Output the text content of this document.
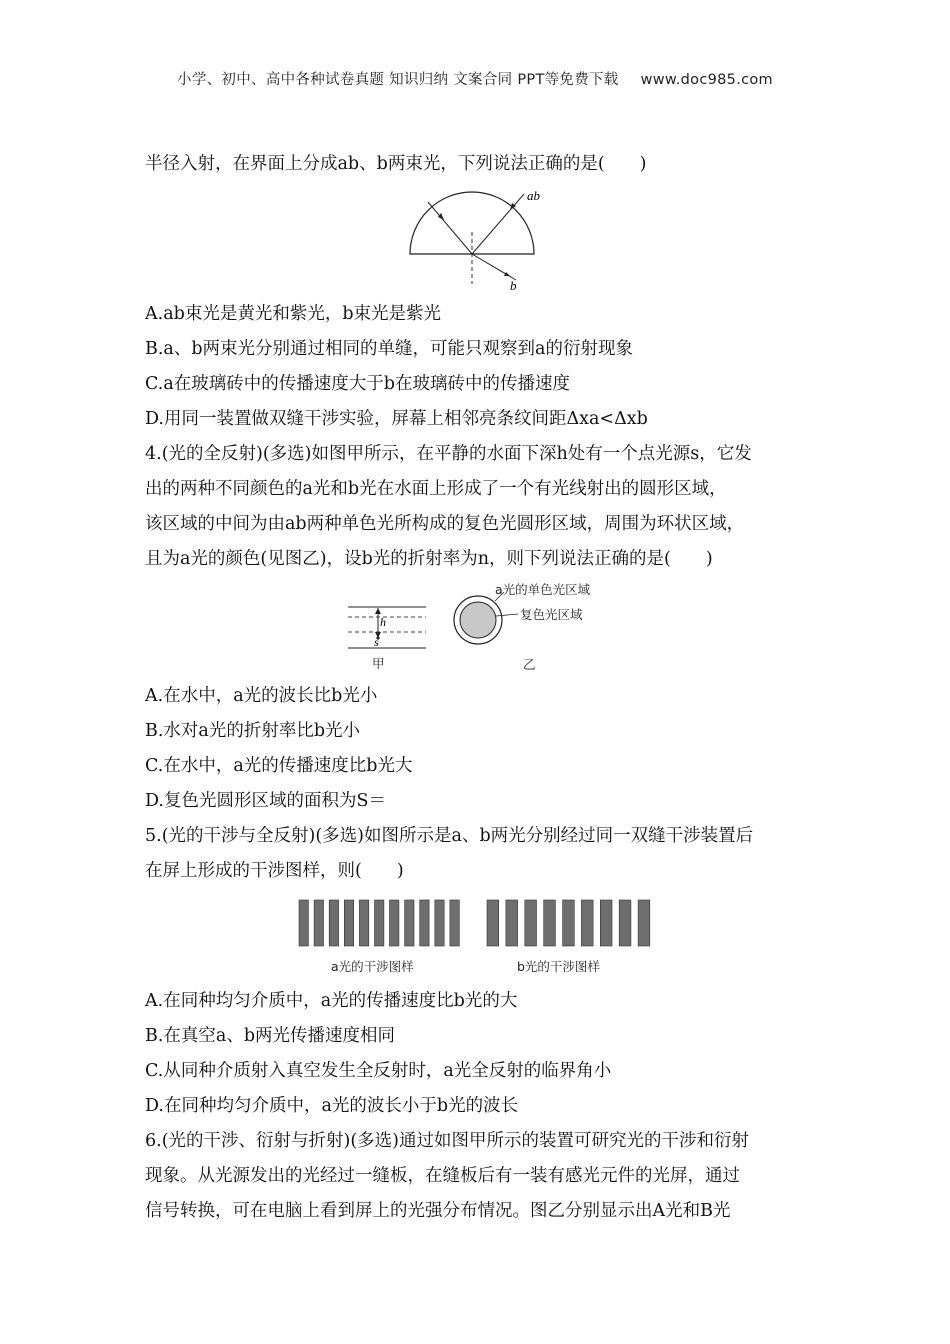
小学、初中、高中各种试卷真题 知识归纳 文案合同 PPT等免费下载 www.doc985.com
半径入射，在界面上分成ab、b两束光，下列说法正确的是(　　)
ab
b
A.ab束光是黄光和紫光，b束光是紫光
B.a、b两束光分别通过相同的单缝，可能只观察到a的衍射现象
C.a在玻璃砖中的传播速度大于b在玻璃砖中的传播速度
D.用同一装置做双缝干涉实验，屏幕上相邻亮条纹间距Δxa<Δxb
4.(光的全反射)(多选)如图甲所示，在平静的水面下深h处有一个点光源s，它发
出的两种不同颜色的a光和b光在水面上形成了一个有光线射出的圆形区域，
该区域的中间为由ab两种单色光所构成的复色光圆形区域，周围为环状区域，
且为a光的颜色(见图乙)，设b光的折射率为n，则下列说法正确的是(　　)
h
s
甲
a光的单色光区域
复色光区域
乙
A.在水中，a光的波长比b光小
B.水对a光的折射率比b光小
C.在水中，a光的传播速度比b光大
D.复色光圆形区域的面积为S＝
5.(光的干涉与全反射)(多选)如图所示是a、b两光分别经过同一双缝干涉装置后
在屏上形成的干涉图样，则(　　)
a光的干涉图样	b光的干涉图样
A.在同种均匀介质中，a光的传播速度比b光的大
B.在真空a、b两光传播速度相同
C.从同种介质射入真空发生全反射时，a光全反射的临界角小
D.在同种均匀介质中，a光的波长小于b光的波长
6.(光的干涉、衍射与折射)(多选)通过如图甲所示的装置可研究光的干涉和衍射
现象。从光源发出的光经过一缝板，在缝板后有一装有感光元件的光屏，通过
信号转换，可在电脑上看到屏上的光强分布情况。图乙分别显示出A光和B光
